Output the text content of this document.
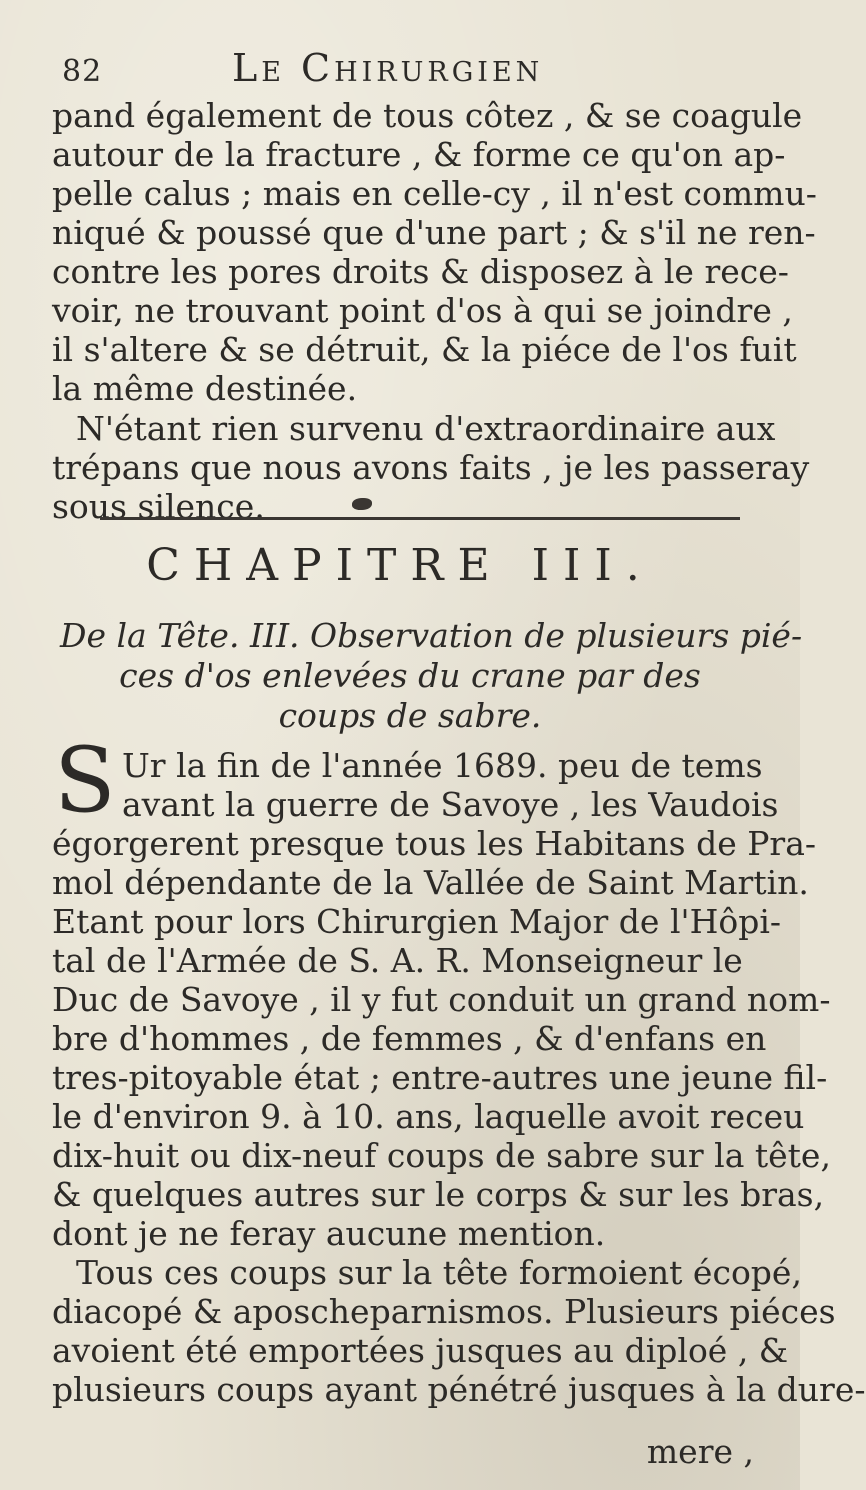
82	Le Chirurgien
pand également de tous côtez , & se coagule
autour de la fracture , & forme ce qu'on ap-
pelle calus ; mais en celle-cy , il n'est commu-
niqué & poussé que d'une part ; & s'il ne ren-
contre les pores droits & disposez à le rece-
voir, ne trouvant point d'os à qui se joindre ,
il s'altere & se détruit, & la piéce de l'os fuit
la même destinée.
N'étant rien survenu d'extraordinaire aux
trépans que nous avons faits , je les passeray
sous silence.
CHAPITRE III.
De la Tête. III. Observation de plusieurs pié-
ces d'os enlevées du crane par des
coups de sabre.
S Ur la fin de l'année 1689. peu de tems
avant la guerre de Savoye , les Vaudois
égorgerent presque tous les Habitans de Pra-
mol dépendante de la Vallée de Saint Martin.
Etant pour lors Chirurgien Major de l'Hôpi-
tal de l'Armée de S. A. R. Monseigneur le
Duc de Savoye , il y fut conduit un grand nom-
bre d'hommes , de femmes , & d'enfans en
tres-pitoyable état ; entre-autres une jeune fil-
le d'environ 9. à 10. ans, laquelle avoit receu
dix-huit ou dix-neuf coups de sabre sur la tête,
& quelques autres sur le corps & sur les bras,
dont je ne feray aucune mention.
Tous ces coups sur la tête formoient écopé,
diacopé & aposcheparnismos. Plusieurs piéces
avoient été emportées jusques au diploé , &
plusieurs coups ayant pénétré jusques à la dure-
mere ,
